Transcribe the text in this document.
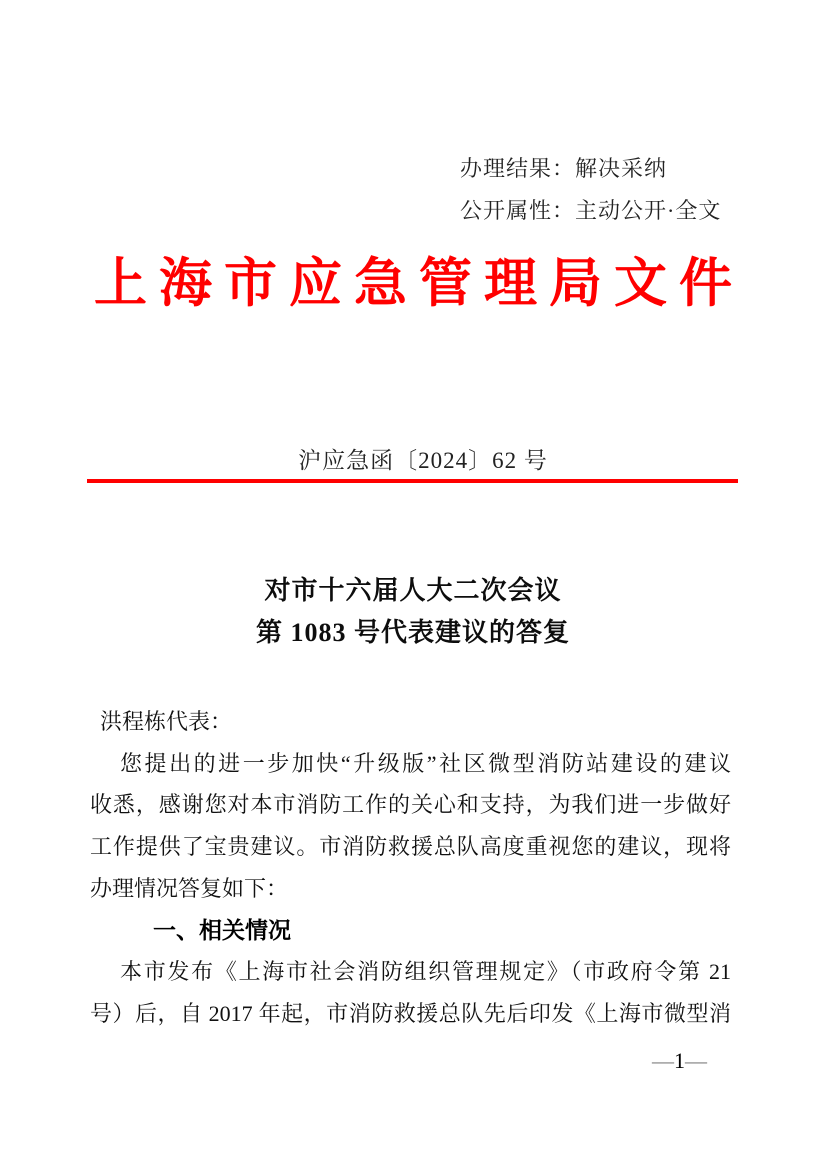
办理结果：解决采纳
公开属性：主动公开·全文
上海市应急管理局文件
沪应急函〔2024〕62 号
对市十六届人大二次会议
第 1083 号代表建议的答复
洪程栋代表：
您提出的进一步加快“升级版”社区微型消防站建设的建议
收悉，感谢您对本市消防工作的关心和支持，为我们进一步做好
工作提供了宝贵建议。市消防救援总队高度重视您的建议，现将
办理情况答复如下：
一、相关情况
本市发布《上海市社会消防组织管理规定》（市政府令第 21
号）后，自 2017 年起，市消防救援总队先后印发《上海市微型消
—1—
